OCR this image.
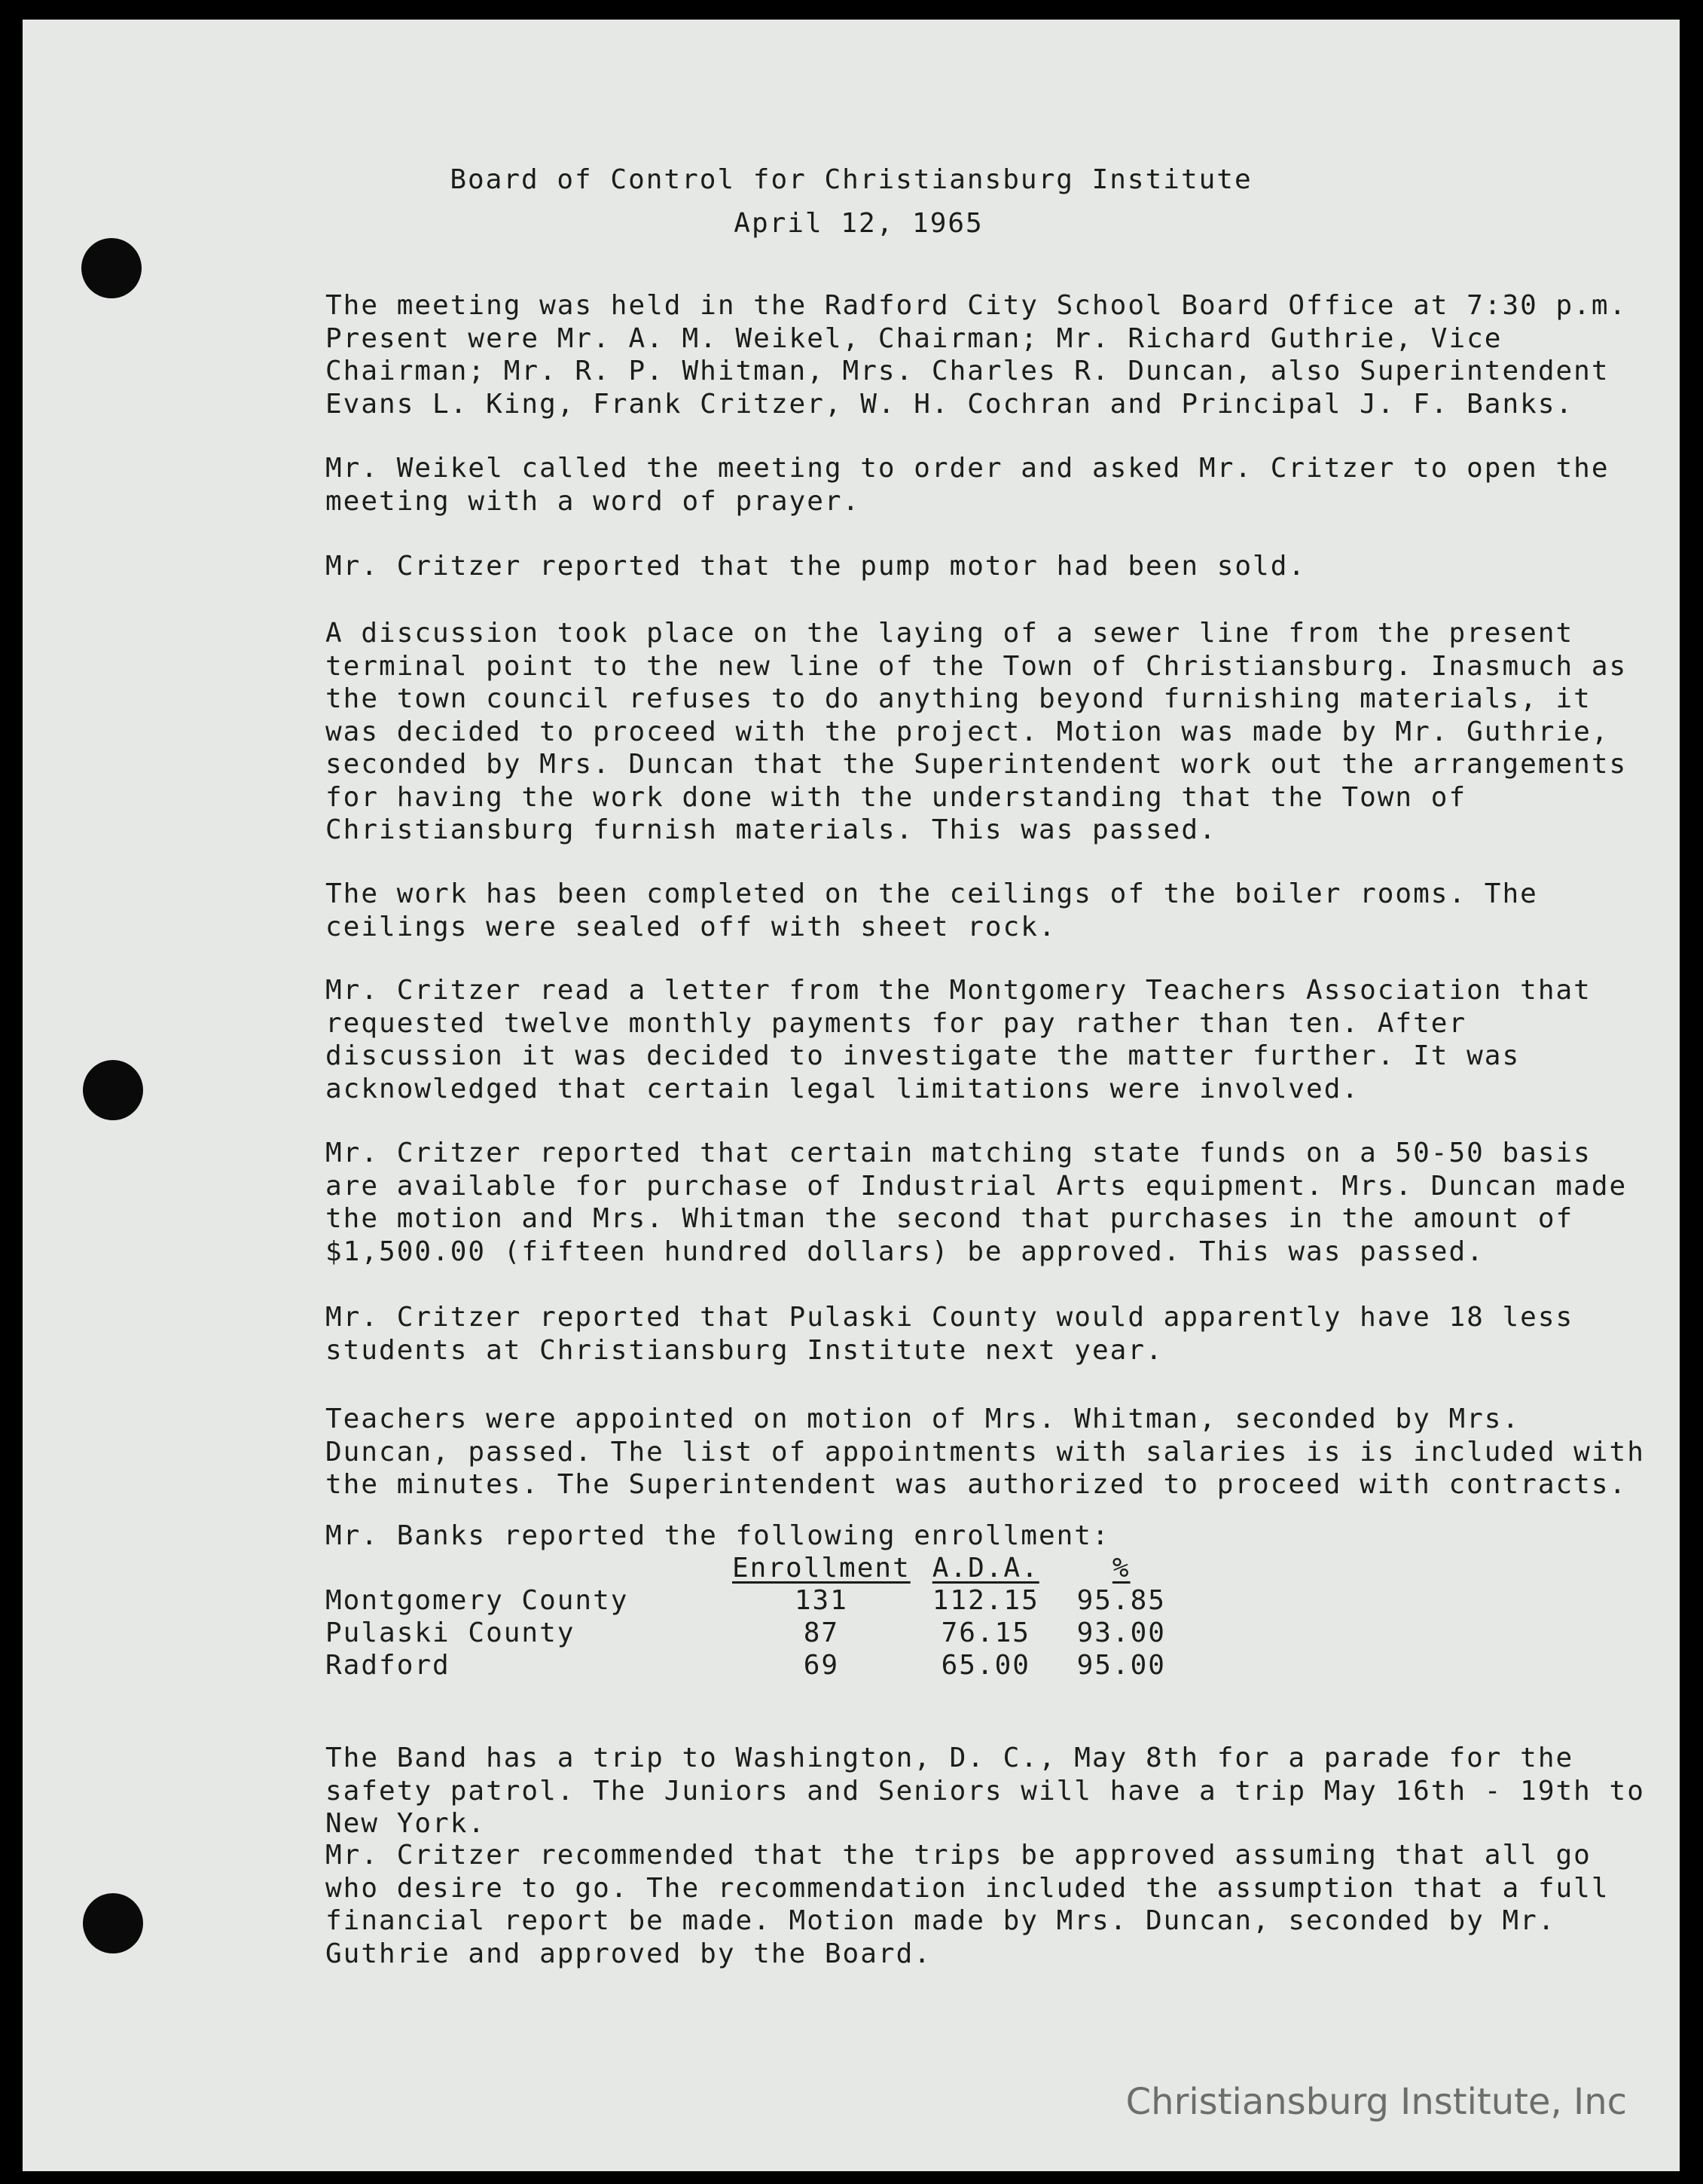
Board of Control for Christiansburg Institute
April 12, 1965

The meeting was held in the Radford City School Board Office at 7:30 p.m. Present were Mr. A. M. Weikel, Chairman; Mr. Richard Guthrie, Vice Chairman; Mr. R. P. Whitman, Mrs. Charles R. Duncan, also Superintendent Evans L. King, Frank Critzer, W. H. Cochran and Principal J. F. Banks.

Mr. Weikel called the meeting to order and asked Mr. Critzer to open the meeting with a word of prayer.

Mr. Critzer reported that the pump motor had been sold.

A discussion took place on the laying of a sewer line from the present terminal point to the new line of the Town of Christiansburg. Inasmuch as the town council refuses to do anything beyond furnishing materials, it was decided to proceed with the project. Motion was made by Mr. Guthrie, seconded by Mrs. Duncan that the Superintendent work out the arrangements for having the work done with the understanding that the Town of Christiansburg furnish materials. This was passed.

The work has been completed on the ceilings of the boiler rooms. The ceilings were sealed off with sheet rock.

Mr. Critzer read a letter from the Montgomery Teachers Association that requested twelve monthly payments for pay rather than ten. After discussion it was decided to investigate the matter further. It was acknowledged that certain legal limitations were involved.

Mr. Critzer reported that certain matching state funds on a 50-50 basis are available for purchase of Industrial Arts equipment. Mrs. Duncan made the motion and Mrs. Whitman the second that purchases in the amount of $1,500.00 (fifteen hundred dollars) be approved. This was passed.

Mr. Critzer reported that Pulaski County would apparently have 18 less students at Christiansburg Institute next year.

Teachers were appointed on motion of Mrs. Whitman, seconded by Mrs. Duncan, passed. The list of appointments with salaries is is included with the minutes. The Superintendent was authorized to proceed with contracts.

Mr. Banks reported the following enrollment:

	Enrollment	A.D.A.	%
Montgomery County	131	112.15	95.85
Pulaski County	87	76.15	93.00
Radford	69	65.00	95.00

The Band has a trip to Washington, D. C., May 8th for a parade for the safety patrol. The Juniors and Seniors will have a trip May 16th - 19th to New York.

Mr. Critzer recommended that the trips be approved assuming that all go who desire to go. The recommendation included the assumption that a full financial report be made. Motion made by Mrs. Duncan, seconded by Mr. Guthrie and approved by the Board.

Christiansburg Institute, Inc
